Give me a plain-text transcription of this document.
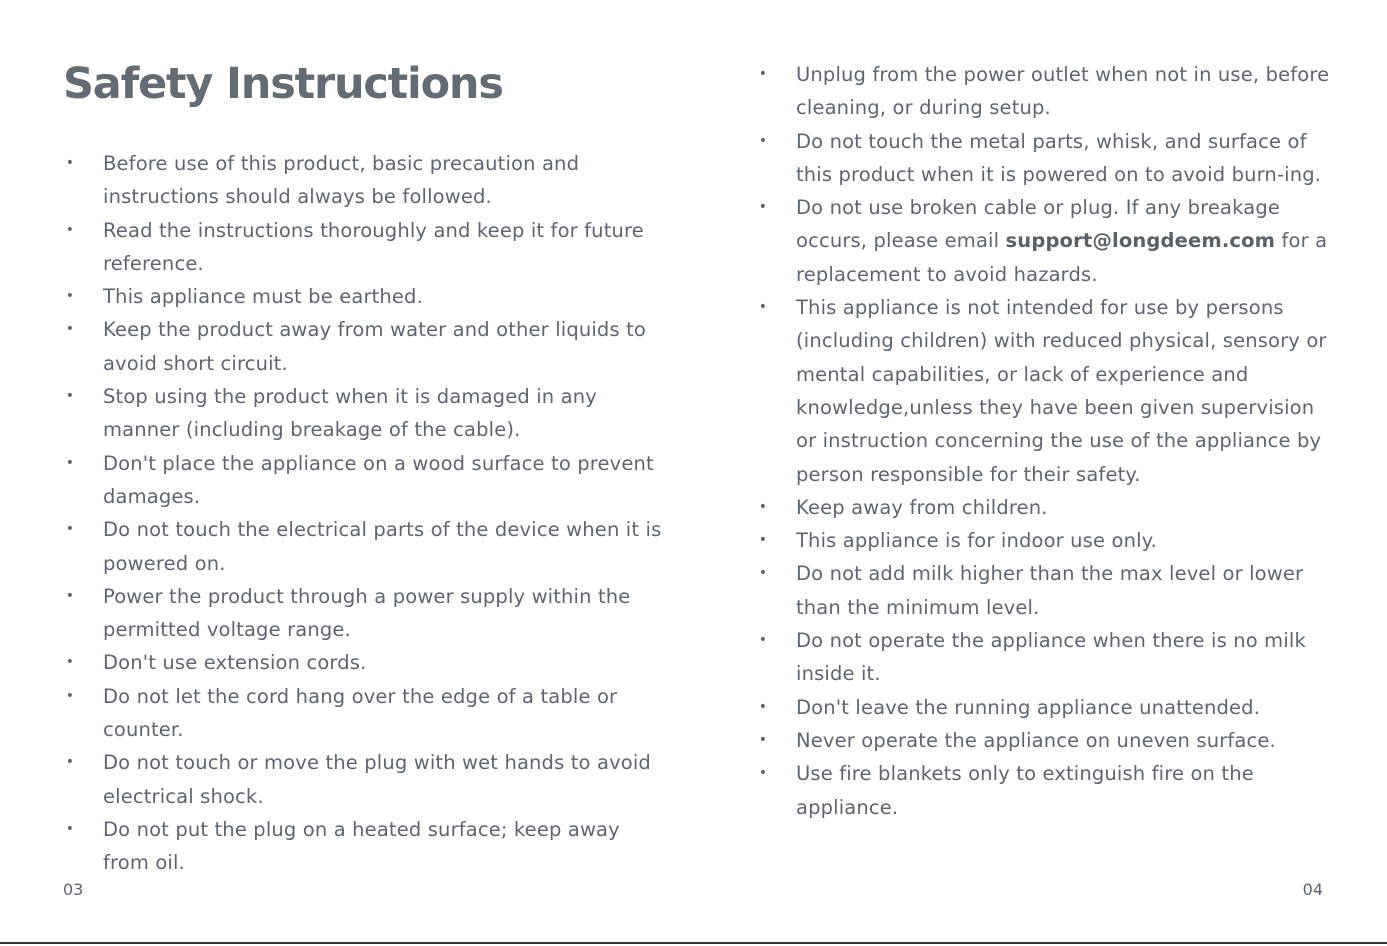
Safety Instructions
• Before use of this product, basic precaution and instructions should always be followed.
• Read the instructions thoroughly and keep it for future reference.
• This appliance must be earthed.
• Keep the product away from water and other liquids to avoid short circuit.
• Stop using the product when it is damaged in any manner (including breakage of the cable).
• Don't place the appliance on a wood surface to prevent damages.
• Do not touch the electrical parts of the device when it is powered on.
• Power the product through a power supply within the permitted voltage range.
• Don't use extension cords.
• Do not let the cord hang over the edge of a table or counter.
• Do not touch or move the plug with wet hands to avoid electrical shock.
• Do not put the plug on a heated surface; keep away from oil.
03
• Unplug from the power outlet when not in use, before cleaning, or during setup.
• Do not touch the metal parts, whisk, and surface of this product when it is powered on to avoid burn-ing.
• Do not use broken cable or plug. If any breakage occurs, please email support@longdeem.com for a replacement to avoid hazards.
• This appliance is not intended for use by persons (including children) with reduced physical, sensory or mental capabilities, or lack of experience and knowledge,unless they have been given supervision or instruction concerning the use of the appliance by person responsible for their safety.
• Keep away from children.
• This appliance is for indoor use only.
• Do not add milk higher than the max level or lower than the minimum level.
• Do not operate the appliance when there is no milk inside it.
• Don't leave the running appliance unattended.
• Never operate the appliance on uneven surface.
• Use fire blankets only to extinguish fire on the appliance.
04
